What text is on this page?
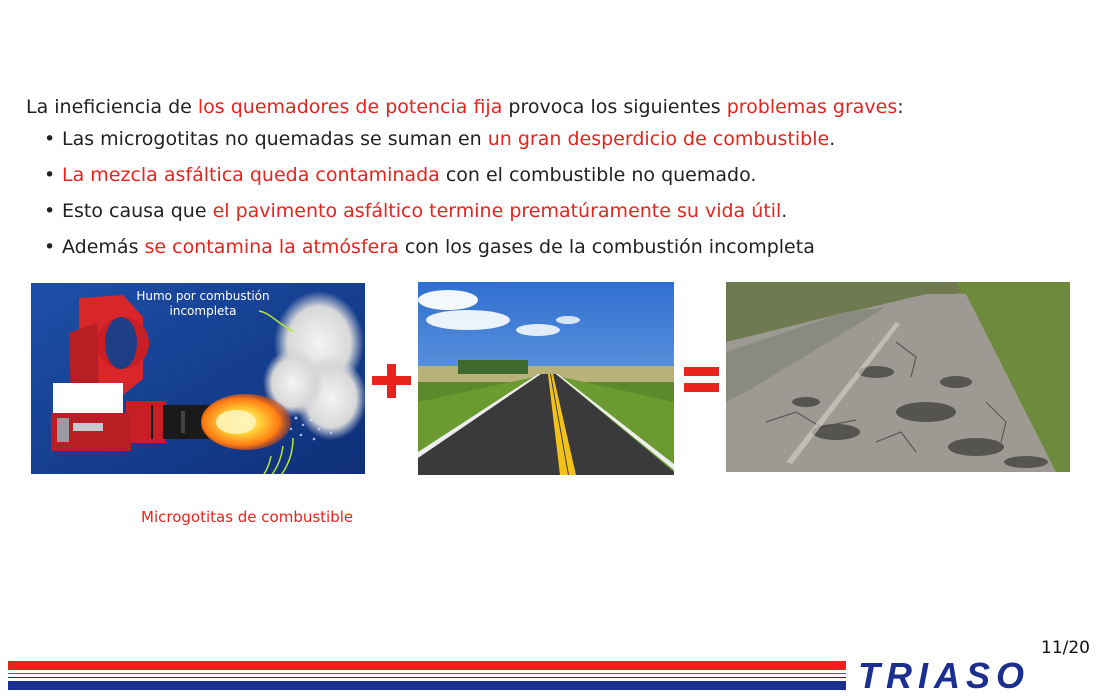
La ineficiencia de los quemadores de potencia fija provoca los siguientes problemas graves:

• Las microgotitas no quemadas se suman en un gran desperdicio de combustible.
• La mezcla asfáltica queda contaminada con el combustible no quemado.
• Esto causa que el pavimento asfáltico termine prematúramente su vida útil.
• Además se contamina la atmósfera con los gases de la combustión incompleta
Humo por combustión incompleta
Microgotitas de combustible
11/20
TRIASO
